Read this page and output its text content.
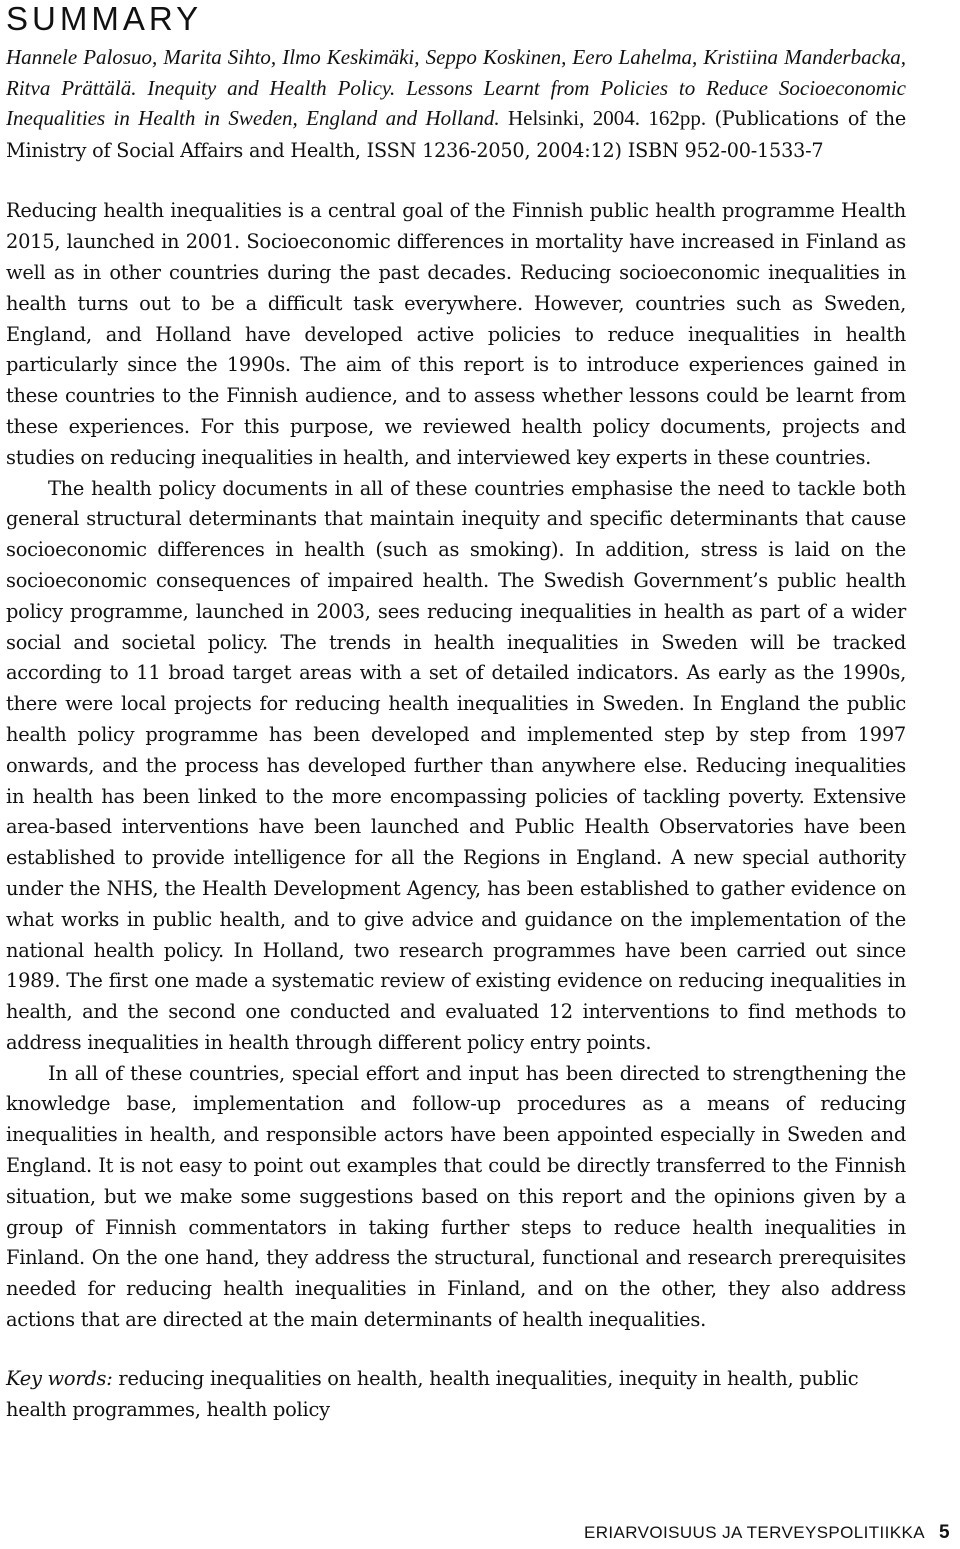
SUMMARY

Hannele Palosuo, Marita Sihto, Ilmo Keskimäki, Seppo Koskinen, Eero Lahelma, Kristiina Manderbacka, Ritva Prättälä. Inequity and Health Policy. Lessons Learnt from Policies to Reduce Socioeconomic Inequalities in Health in Sweden, England and Holland. Helsinki, 2004. 162pp. (Publications of the Ministry of Social Affairs and Health, ISSN 1236-2050, 2004:12) ISBN 952-00-1533-7

Reducing health inequalities is a central goal of the Finnish public health programme Health 2015, launched in 2001. Socioeconomic differences in mortality have increased in Finland as well as in other countries during the past decades. Reducing socioeconomic inequalities in health turns out to be a difficult task everywhere. However, countries such as Sweden, England, and Holland have developed active policies to reduce inequalities in health particularly since the 1990s. The aim of this report is to introduce experiences gained in these countries to the Finnish audience, and to assess whether lessons could be learnt from these experiences. For this purpose, we reviewed health policy documents, projects and studies on reducing inequalities in health, and interviewed key experts in these countries.

The health policy documents in all of these countries emphasise the need to tackle both general structural determinants that maintain inequity and specific determinants that cause socioeconomic differences in health (such as smoking). In addition, stress is laid on the socioeconomic consequences of impaired health. The Swedish Government’s public health policy programme, launched in 2003, sees reducing inequalities in health as part of a wider social and societal policy. The trends in health inequalities in Sweden will be tracked according to 11 broad target areas with a set of detailed indicators. As early as the 1990s, there were local projects for reducing health inequalities in Sweden. In England the public health policy programme has been developed and implemented step by step from 1997 onwards, and the process has developed further than anywhere else. Reducing inequalities in health has been linked to the more encompassing policies of tackling poverty. Extensive area-based interventions have been launched and Public Health Observatories have been established to provide intelligence for all the Regions in England. A new special authority under the NHS, the Health Development Agency, has been established to gather evidence on what works in public health, and to give advice and guidance on the implementation of the national health policy. In Holland, two research programmes have been carried out since 1989. The first one made a systematic review of existing evidence on reducing inequalities in health, and the second one conducted and evaluated 12 interventions to find methods to address inequalities in health through different policy entry points.

In all of these countries, special effort and input has been directed to strengthening the knowledge base, implementation and follow-up procedures as a means of reducing inequalities in health, and responsible actors have been appointed especially in Sweden and England. It is not easy to point out examples that could be directly transferred to the Finnish situation, but we make some suggestions based on this report and the opinions given by a group of Finnish commentators in taking further steps to reduce health inequalities in Finland. On the one hand, they address the structural, functional and research prerequisites needed for reducing health inequalities in Finland, and on the other, they also address actions that are directed at the main determinants of health inequalities.

Key words: reducing inequalities on health, health inequalities, inequity in health, public health programmes, health policy

ERIARVOISUUS JA TERVEYSPOLITIIKKA 5
